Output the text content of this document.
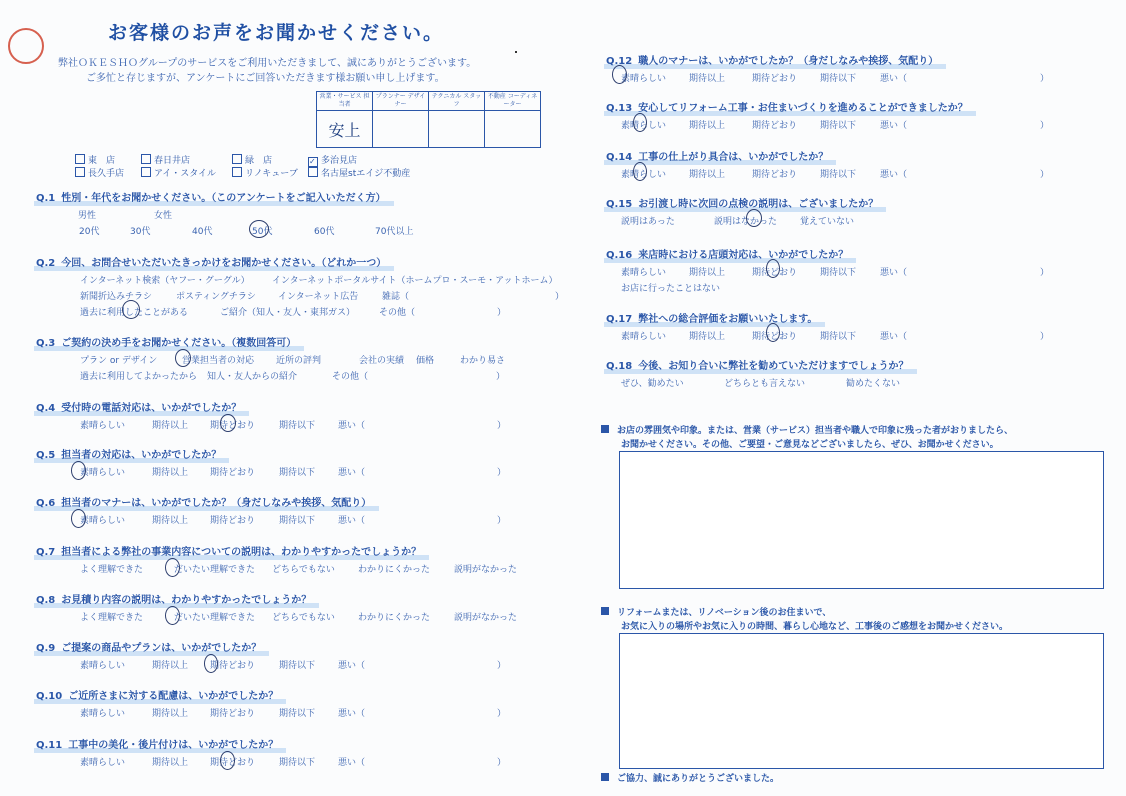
お客様のお声をお聞かせください。
弊社ＯＫＥＳＨＯグループのサービスをご利用いただきまして、誠にありがとうございます。
ご多忙と存じますが、アンケートにご回答いただきます様お願い申し上げます。
営業・サービス 担当者	プランナー デザイナー	テクニカル スタッフ	不動産 コーディネーター
安上			
東　店	春日井店	緑　店	✓ 多治見店
長久手店	アイ・スタイル	リノキューブ	名古屋stエイジ不動産
Q.1 性別・年代をお聞かせください。（このアンケートをご記入いただく方）
男性	女性
20代	30代	40代	50代	60代	70代以上
Q.2 今回、お問合せいただいたきっかけをお聞かせください。（どれか一つ）
インターネット検索（ヤフー・グーグル） インターネットポータルサイト（ホームプロ・スーモ・アットホーム）
新聞折込みチラシ	ポスティングチラシ インターネット広告	雑誌（	）
過去に利用したことがある	ご紹介（知人・友人・東邦ガス）	その他（	）
Q.3 ご契約の決め手をお聞かせください。（複数回答可）
プラン or デザイン	営業担当者の対応 近所の評判	会社の実績 価格	わかり易さ
過去に利用してよかったから 知人・友人からの紹介	その他（	）
Q.4 受付時の電話対応は、いかがでしたか？
素晴らしい	期待以上 期待どおり	期待以下	悪い（	）
Q.5 担当者の対応は、いかがでしたか？
素晴らしい	期待以上 期待どおり	期待以下	悪い（	）
Q.6 担当者のマナーは、いかがでしたか？（身だしなみや挨拶、気配り）
素晴らしい	期待以上 期待どおり	期待以下	悪い（	）
Q.7 担当者による弊社の事業内容についての説明は、わかりやすかったでしょうか？
よく理解できた	だいたい理解できた どちらでもない	わかりにくかった	説明がなかった
Q.8 お見積り内容の説明は、わかりやすかったでしょうか？
よく理解できた	だいたい理解できた どちらでもない	わかりにくかった	説明がなかった
Q.9 ご提案の商品やプランは、いかがでしたか？
素晴らしい	期待以上 期待どおり	期待以下	悪い（	）
Q.10 ご近所さまに対する配慮は、いかがでしたか？
素晴らしい	期待以上 期待どおり	期待以下	悪い（	）
Q.11 工事中の美化・後片付けは、いかがでしたか？
素晴らしい	期待以上 期待どおり	期待以下	悪い（	）
Q.12 職人のマナーは、いかがでしたか？（身だしなみや挨拶、気配り）
素晴らしい	期待以上	期待どおり	期待以下	悪い（	）
Q.13 安心してリフォーム工事・お住まいづくりを進めることができましたか？
素晴らしい	期待以上	期待どおり	期待以下	悪い（	）
Q.14 工事の仕上がり具合は、いかがでしたか？
素晴らしい	期待以上	期待どおり	期待以下	悪い（	）
Q.15 お引渡し時に次回の点検の説明は、ございましたか？
説明はあった	説明はなかった	覚えていない
Q.16 来店時における店頭対応は、いかがでしたか？
素晴らしい	期待以上	期待どおり	期待以下	悪い（	）
お店に行ったことはない
Q.17 弊社への総合評価をお願いいたします。
素晴らしい	期待以上	期待どおり	期待以下	悪い（	）
Q.18 今後、お知り合いに弊社を勧めていただけますでしょうか？
ぜひ、勧めたい	どちらとも言えない	勧めたくない
お店の雰囲気や印象。または、営業（サービス）担当者や職人で印象に残った者がおりましたら、
お聞かせください。その他、ご要望・ご意見などございましたら、ぜひ、お聞かせください。
リフォームまたは、リノベーション後のお住まいで、
お気に入りの場所やお気に入りの時間、暮らし心地など、工事後のご感想をお聞かせください。
ご協力、誠にありがとうございました。
